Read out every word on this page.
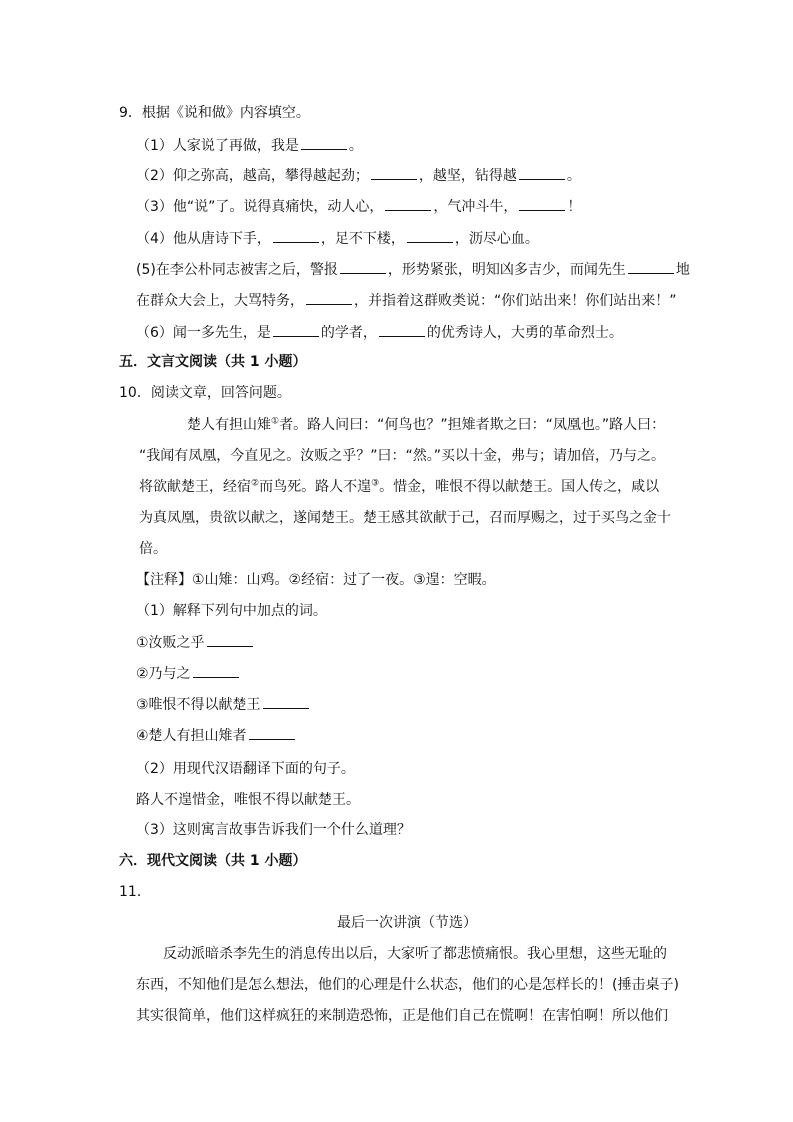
9．根据《说和做》内容填空。
（1）人家说了再做，我是	。
（2）仰之弥高，越高，攀得越起劲；	，越坚，钻得越	。
（3）他“说”了。说得真痛快，动人心，	，气冲斗牛，	！
（4）他从唐诗下手，	，足不下楼，	，沥尽心血。
(5)在李公朴同志被害之后，警报	，形势紧张，明知凶多吉少，而闻先生	地
在群众大会上，大骂特务，	，并指着这群败类说：“你们站出来！你们站出来！”
（6）闻一多先生，是	的学者，	的优秀诗人，大勇的革命烈士。
五．文言文阅读（共 1 小题）
10．阅读文章，回答问题。
楚人有担山雉①者。路人问曰：“何鸟也？”担雉者欺之曰：“凤凰也。”路人曰：
“我闻有凤凰，今直见之。汝贩之乎？”曰：“然。”买以十金，弗与；请加倍，乃与之。
将欲献楚王，经宿②而鸟死。路人不遑③。惜金，唯恨不得以献楚王。国人传之，咸以
为真凤凰，贵欲以献之，遂闻楚王。楚王感其欲献于己，召而厚赐之，过于买鸟之金十
倍。
【注释】①山雉：山鸡。②经宿：过了一夜。③遑：空暇。
（1）解释下列句中加点的词。
①汝贩之乎
②乃与之
③唯恨不得以献楚王
④楚人有担山雉者
（2）用现代汉语翻译下面的句子。
路人不遑惜金，唯恨不得以献楚王。
（3）这则寓言故事告诉我们一个什么道理？
六．现代文阅读（共 1 小题）
11．
最后一次讲演（节选）
反动派暗杀李先生的消息传出以后，大家听了都悲愤痛恨。我心里想，这些无耻的
东西，不知他们是怎么想法，他们的心理是什么状态，他们的心是怎样长的！(捶击桌子)
其实很简单，他们这样疯狂的来制造恐怖，正是他们自己在慌啊！在害怕啊！所以他们
